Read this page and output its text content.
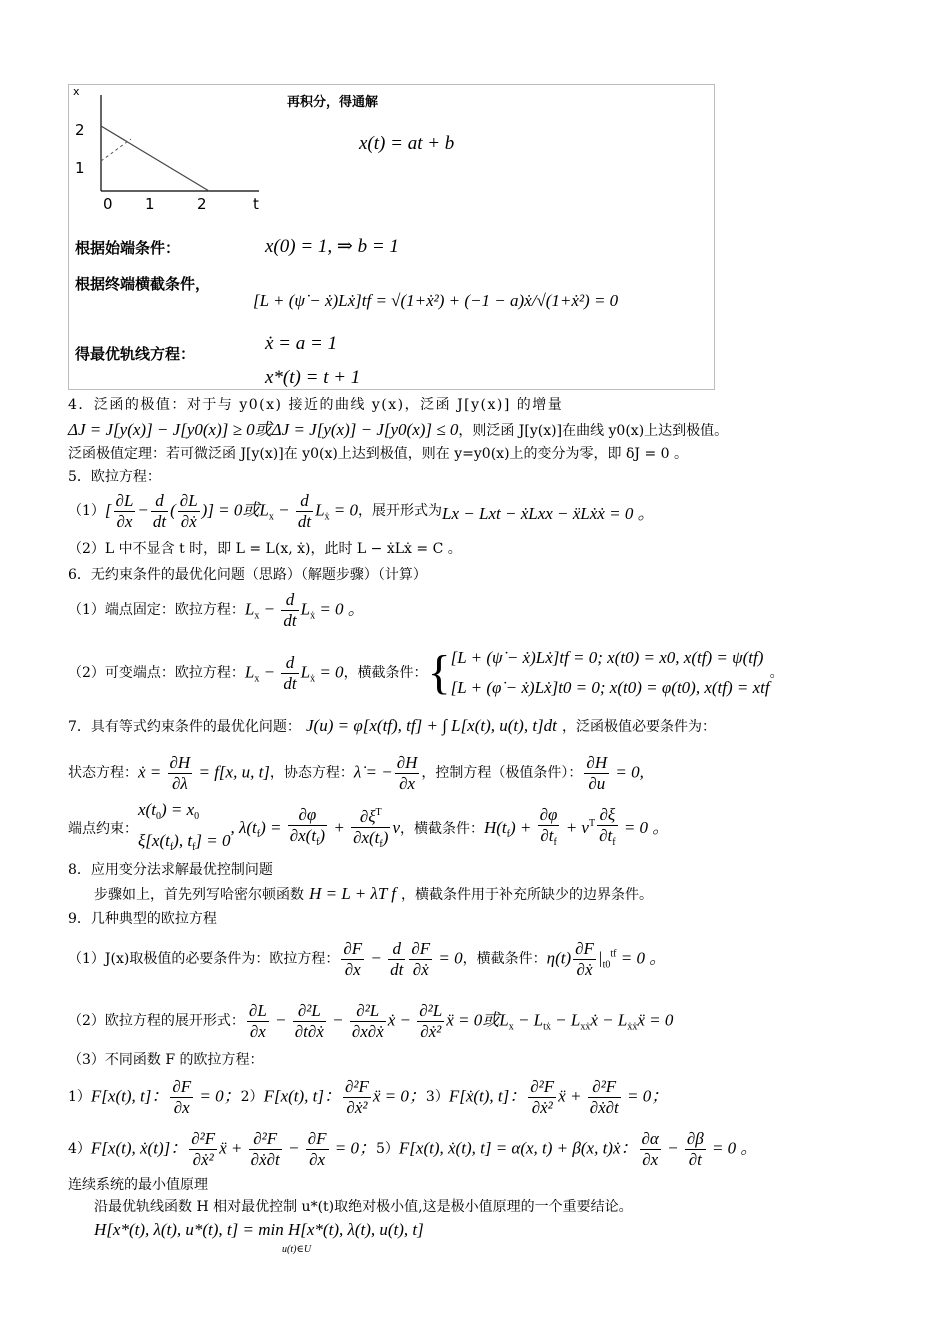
x
2
1
0 1	2	t
再积分，得通解
x(t) = at + b
根据始端条件：	x(0) = 1, ⇒ b = 1
根据终端横截条件，
[L + (ψ̇ − ẋ)Lẋ]tf = √(1+ẋ²) + (−1 − a)ẋ/√(1+ẋ²) = 0
得最优轨线方程：	ẋ = a = 1
x*(t) = t + 1
4．泛函的极值：对于与 y0(x) 接近的曲线 y(x)，泛函 J[y(x)] 的增量
ΔJ = J[y(x)] − J[y0(x)] ≥ 0或ΔJ = J[y(x)] − J[y0(x)] ≤ 0，则泛函 J[y(x)]在曲线 y0(x)上达到极值。
泛函极值定理：若可微泛函 J[y(x)]在 y0(x)上达到极值，则在 y=y0(x)上的变分为零，即 δJ = 0 。
5．欧拉方程：
（1） [ $\frac{\partial L}{\partial x} - \frac{d}{dt}$ ( $\frac{\partial L}{\text{∂ẋ}}$ )] = 0或$L_x - \frac{d}{dt} L_ẋ = 0$ ，展开形式为 Lx − Lxt − ẋLxx − ẍLẋẋ = 0 。
（2）L 中不显含 t 时，即 L = L(x, ẋ)，此时 L − ẋLẋ = C 。
6．无约束条件的最优化问题（思路）（解题步骤）（计算）
（1）端点固定：欧拉方程： $L_x - \frac{d}{dt} L_ẋ = 0$ 。
（2）可变端点：欧拉方程： $L_x - \frac{d}{dt} L_ẋ = 0$ ，横截条件： { [L + (ψ̇ − ẋ)Lẋ]tf = 0; x(t0) = x0, x(tf) = ψ(tf)
[L + (φ̇ − ẋ)Lẋ]t0 = 0; x(t0) = φ(t0), x(tf) = xtf
。
7．具有等式约束条件的最优化问题： J(u) = φ[x(tf), tf] + ∫ L[x(t), u(t), t]dt ，泛函极值必要条件为：
状态方程： ẋ = $\frac{\partial H}{\partial\lambda} = f[x$, u, t] ，协态方程： λ̇ = − $\frac{\partial H}{\partial x}$ ，控制方程（极值条件）： $\frac{\partial H}{\partial u} = 0$,
端点约束：
$x(t_0) = x_0$
$\xi[x(t_f)$, $t_f] = 0$
, $\lambda(t_f) = \frac{\partial\varphi}{\partial x(t_f)} + \frac{\partial\xi^T}{\partial x(t_f)}$ v ，横截条件： $H(t_f) + \frac{\partial\varphi}{\partial t_f} + v^T \frac{\partial\xi}{\partial t_f} = 0$ 。
8．应用变分法求解最优控制问题
步骤如上，首先列写哈密尔顿函数 H = L + λT f ，横截条件用于补充所缺少的边界条件。
9．几种典型的欧拉方程
（1）J(x)取极值的必要条件为：欧拉方程： $\frac{\partial F}{\partial x} - \frac{d}{dt} \frac{\partial F}{\text{∂ẋ}} = 0$ ，横截条件： $\eta(t) \frac{\partial F}{\text{∂ẋ}} |_{t0}^{tf} = 0$ 。
（2）欧拉方程的展开形式： $\frac{\partial L}{\partial x} - \frac{\text{∂²L}}{\text{∂t∂ẋ}} - \frac{\text{∂²L}}{\text{∂x∂ẋ}}$ ẋ − $\frac{\text{∂²L}}{\text{∂ẋ²}}$ ẍ = 0或$L_x - L_{tẋ}$ − $L_{xẋ}ẋ$ − $L_{ẋẋ}ẍ = 0$
（3）不同函数 F 的欧拉方程：
1） F[x(t), t]： $\frac{\partial F}{\partial x} = 0$； 2） F[x(t), t]： $\frac{\text{∂²F}}{\text{∂ẋ²}}$ ẍ = 0； 3） F[ẋ(t), t]： $\frac{\text{∂²F}}{\text{∂ẋ²}}$ ẍ + $\frac{\text{∂²F}}{\text{∂ẋ∂t}} = 0$；
4） F[x(t), ẋ(t)]： $\frac{\text{∂²F}}{\text{∂ẋ²}}$ ẍ + $\frac{\text{∂²F}}{\text{∂ẋ∂t}} - \frac{\partial F}{\partial x} = 0$； 5） F[x(t), ẋ(t), t] = α(x, t) + β(x, t)ẋ： $\frac{\partial\alpha}{\partial x} - \frac{\partial\beta}{\partial t} = 0$ 。
连续系统的最小值原理
沿最优轨线函数 H 相对最优控制 u*(t)取绝对极小值,这是极小值原理的一个重要结论。
H[x*(t), λ(t), u*(t), t] = min H[x*(t), λ(t), u(t), t]
u(t)∈U
